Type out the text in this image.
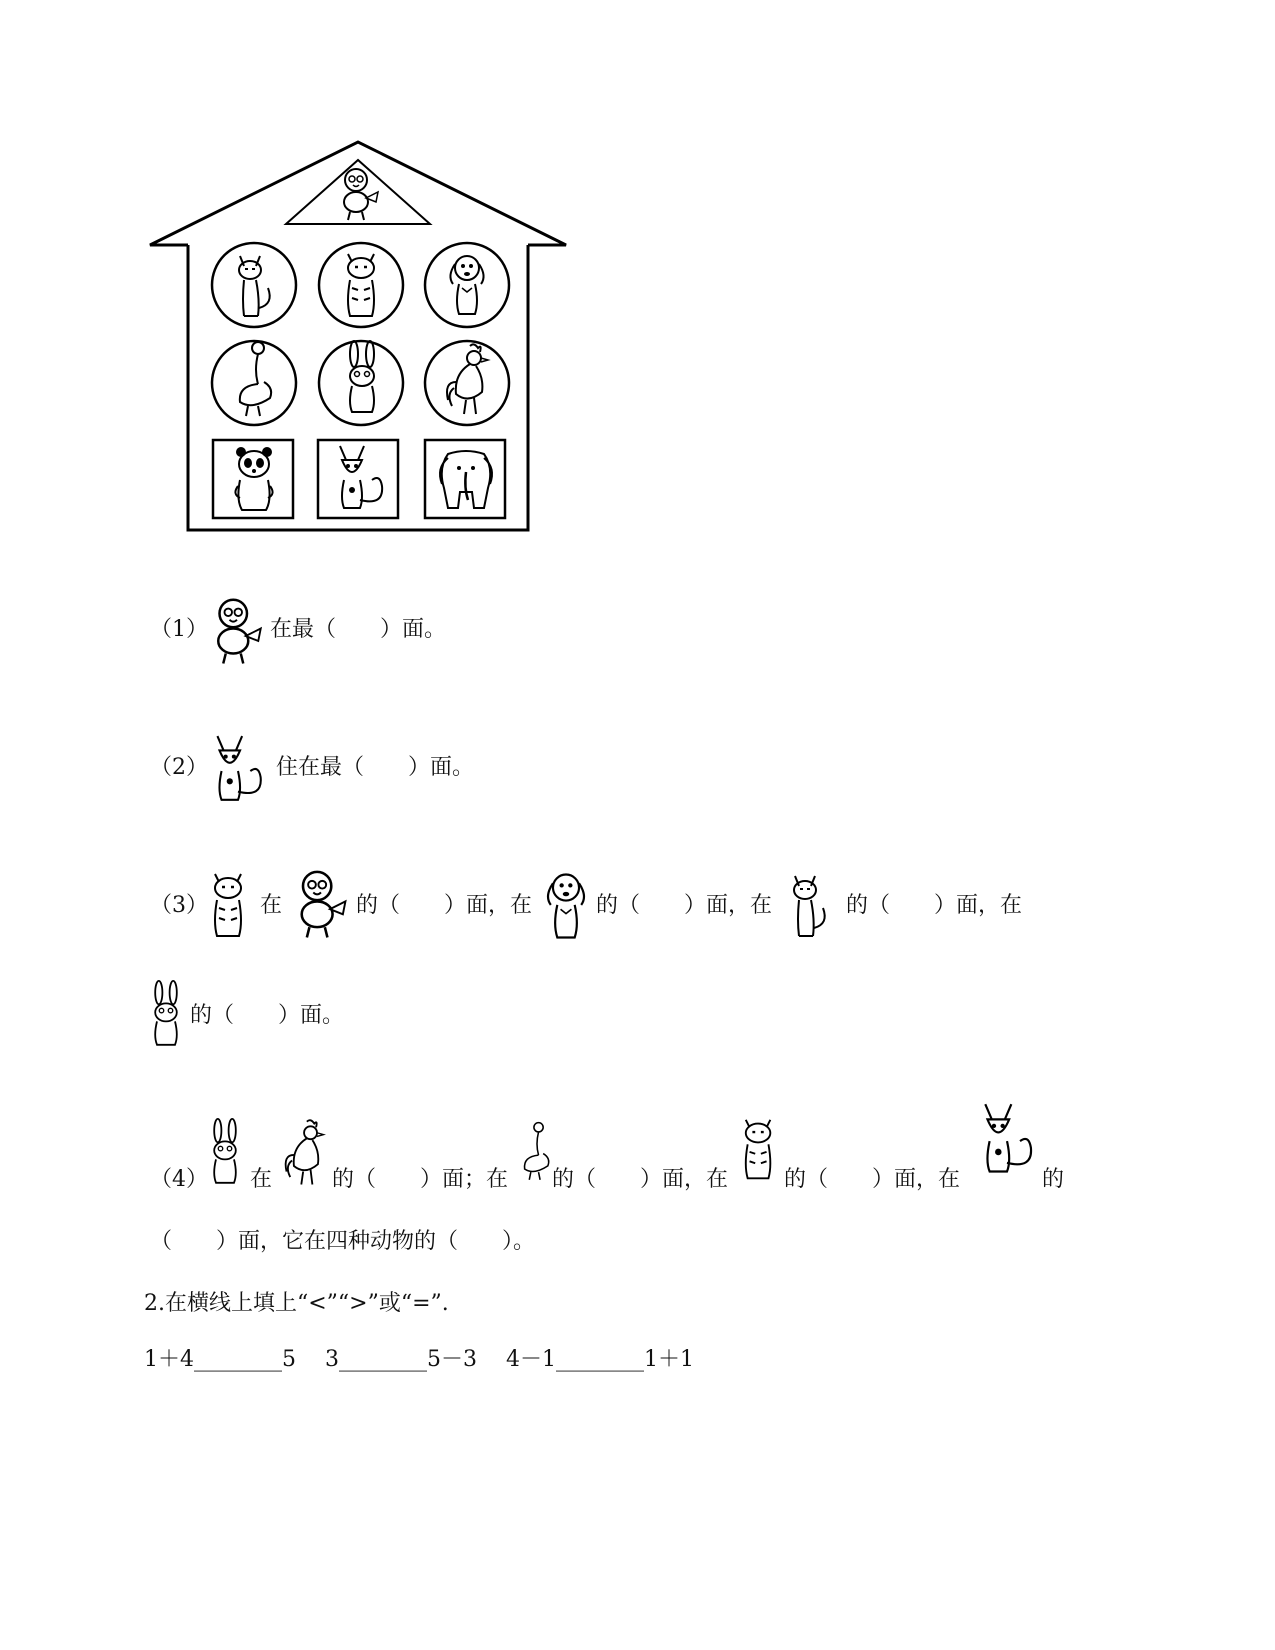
（1）	在最（　　）面。
（2）	住在最（　　）面。
（3） 在	的（　　）面，在	的（　　）面，在	的（　　）面，在
的（　　）面。
（4） 在	的（　　）面；在 的（　　）面，在	的（　　）面，在	的
（　　）面，它在四种动物的（　　）。
2.在横线上填上“<”“>”或“=”.
1＋4________5　 3________5－3　 4－1________1＋1
